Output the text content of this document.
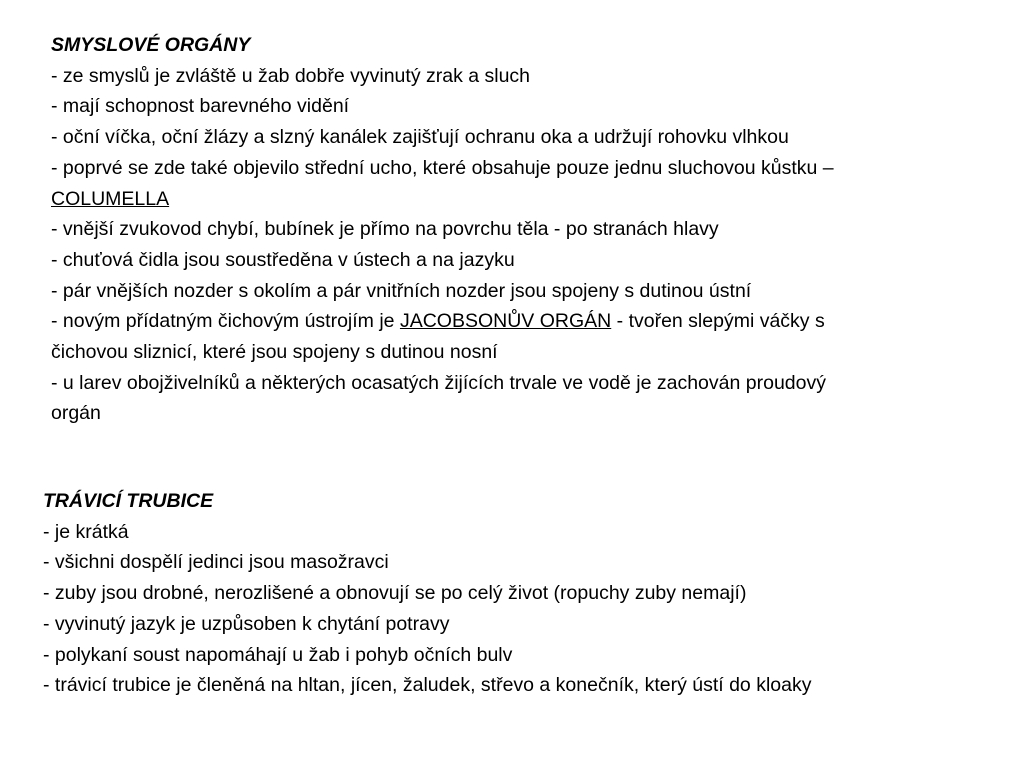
SMYSLOVÉ ORGÁNY
- ze smyslů je zvláště u žab dobře vyvinutý zrak a sluch
- mají schopnost barevného vidění
- oční víčka, oční žlázy a slzný kanálek zajišťují ochranu oka a udržují rohovku vlhkou
- poprvé se zde také objevilo střední ucho, které obsahuje pouze jednu sluchovou kůstku –
COLUMELLA
- vnější zvukovod chybí, bubínek je přímo na povrchu těla - po stranách hlavy
- chuťová čidla jsou soustředěna v ústech a na jazyku
- pár vnějších nozder s okolím a pár vnitřních nozder jsou spojeny s dutinou ústní
- novým přídatným čichovým ústrojím je JACOBSONŮV ORGÁN - tvořen slepými váčky s
čichovou sliznicí, které jsou spojeny s dutinou nosní
- u larev obojživelníků a některých ocasatých žijících trvale ve vodě je zachován proudový
orgán
TRÁVICÍ TRUBICE
- je krátká
- všichni dospělí jedinci jsou masožravci
- zuby jsou drobné, nerozlišené a obnovují se po celý život (ropuchy zuby nemají)
- vyvinutý jazyk je uzpůsoben k chytání potravy
- polykaní soust napomáhají u žab i pohyb očních bulv
- trávicí trubice je členěná na hltan, jícen, žaludek, střevo a konečník, který ústí do kloaky
